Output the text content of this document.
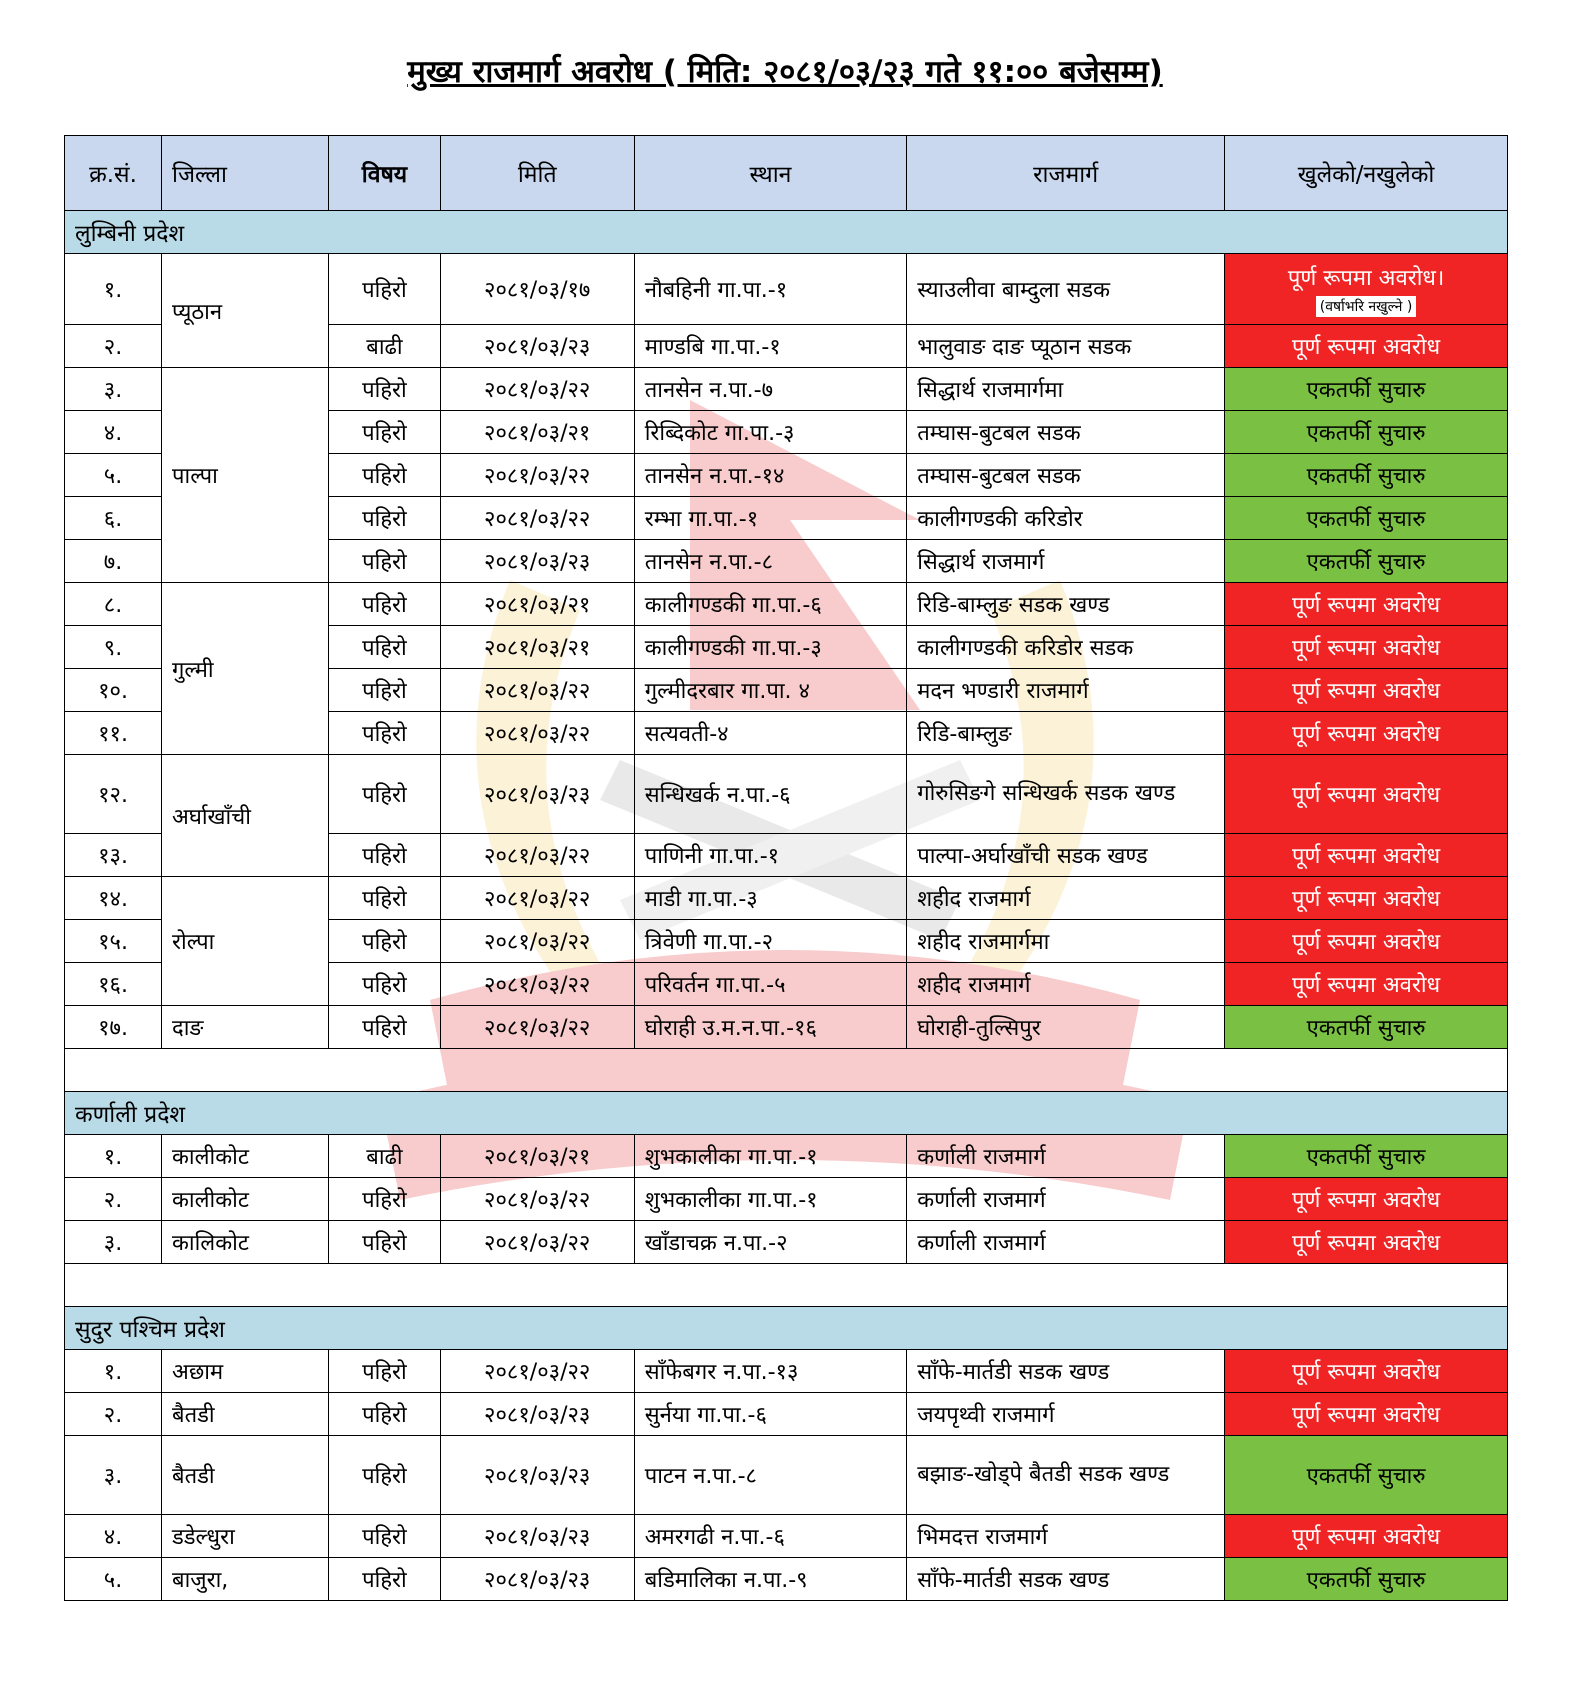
मुख्य राजमार्ग अवरोध ( मिति: २०८१/०३/२३ गते ११:०० बजेसम्म)
क्र.सं.	जिल्ला	विषय	मिति	स्थान	राजमार्ग	खुलेको/नखुलेको
लुम्बिनी प्रदेश						
१.	प्यूठान	पहिरो	२०८१/०३/१७	नौबहिनी गा.पा.-१	स्याउलीवा बाम्दुला सडक	पूर्ण रूपमा अवरोध।
(वर्षाभरि नखुल्ने )
२.		बाढी	२०८१/०३/२३	माण्डबि गा.पा.-१	भालुवाङ दाङ प्यूठान सडक	पूर्ण रूपमा अवरोध
३.	पाल्पा	पहिरो	२०८१/०३/२२	तानसेन न.पा.-७	सिद्धार्थ राजमार्गमा	एकतर्फी सुचारु
४.		पहिरो	२०८१/०३/२१	रिब्दिकोट गा.पा.-३	तम्घास-बुटबल सडक	एकतर्फी सुचारु
५.		पहिरो	२०८१/०३/२२	तानसेन न.पा.-१४	तम्घास-बुटबल सडक	एकतर्फी सुचारु
६.		पहिरो	२०८१/०३/२२	रम्भा गा.पा.-१	कालीगण्डकी करिडोर	एकतर्फी सुचारु
७.		पहिरो	२०८१/०३/२३	तानसेन न.पा.-८	सिद्धार्थ राजमार्ग	एकतर्फी सुचारु
८.	गुल्मी	पहिरो	२०८१/०३/२१	कालीगण्डकी गा.पा.-६	रिडि-बाम्लुङ सडक खण्ड	पूर्ण रूपमा अवरोध
९.		पहिरो	२०८१/०३/२१	कालीगण्डकी गा.पा.-३	कालीगण्डकी करिडोर सडक	पूर्ण रूपमा अवरोध
१०.		पहिरो	२०८१/०३/२२	गुल्मीदरबार गा.पा. ४	मदन भण्डारी राजमार्ग	पूर्ण रूपमा अवरोध
११.		पहिरो	२०८१/०३/२२	सत्यवती-४	रिडि-बाम्लुङ	पूर्ण रूपमा अवरोध
१२.	अर्घाखाँची	पहिरो	२०८१/०३/२३	सन्धिखर्क न.पा.-६	गोरुसिङगे सन्धिखर्क सडक खण्ड	पूर्ण रूपमा अवरोध
१३.		पहिरो	२०८१/०३/२२	पाणिनी गा.पा.-१	पाल्पा-अर्घाखाँची सडक खण्ड	पूर्ण रूपमा अवरोध
१४.	रोल्पा	पहिरो	२०८१/०३/२२	माडी गा.पा.-३	शहीद राजमार्ग	पूर्ण रूपमा अवरोध
१५.		पहिरो	२०८१/०३/२२	त्रिवेणी गा.पा.-२	शहीद राजमार्गमा	पूर्ण रूपमा अवरोध
१६.		पहिरो	२०८१/०३/२२	परिवर्तन गा.पा.-५	शहीद राजमार्ग	पूर्ण रूपमा अवरोध
१७.	दाङ	पहिरो	२०८१/०३/२२	घोराही उ.म.न.पा.-१६	घोराही-तुल्सिपुर	एकतर्फी सुचारु

कर्णाली प्रदेश						
१.	कालीकोट	बाढी	२०८१/०३/२१	शुभकालीका गा.पा.-१	कर्णाली राजमार्ग	एकतर्फी सुचारु
२.	कालीकोट	पहिरो	२०८१/०३/२२	शुभकालीका गा.पा.-१	कर्णाली राजमार्ग	पूर्ण रूपमा अवरोध
३.	कालिकोट	पहिरो	२०८१/०३/२२	खाँडाचक्र न.पा.-२	कर्णाली राजमार्ग	पूर्ण रूपमा अवरोध

सुदुर पश्चिम प्रदेश						
१.	अछाम	पहिरो	२०८१/०३/२२	साँफेबगर न.पा.-१३	साँफे-मार्तडी सडक खण्ड	पूर्ण रूपमा अवरोध
२.	बैतडी	पहिरो	२०८१/०३/२३	सुर्नया गा.पा.-६	जयपृथ्वी राजमार्ग	पूर्ण रूपमा अवरोध
३.	बैतडी	पहिरो	२०८१/०३/२३	पाटन न.पा.-८	बझाङ-खोड्पे बैतडी सडक खण्ड	एकतर्फी सुचारु
४.	डडेल्धुरा	पहिरो	२०८१/०३/२३	अमरगढी न.पा.-६	भिमदत्त राजमार्ग	पूर्ण रूपमा अवरोध
५.	बाजुरा,	पहिरो	२०८१/०३/२३	बडिमालिका न.पा.-९	साँफे-मार्तडी सडक खण्ड	एकतर्फी सुचारु
